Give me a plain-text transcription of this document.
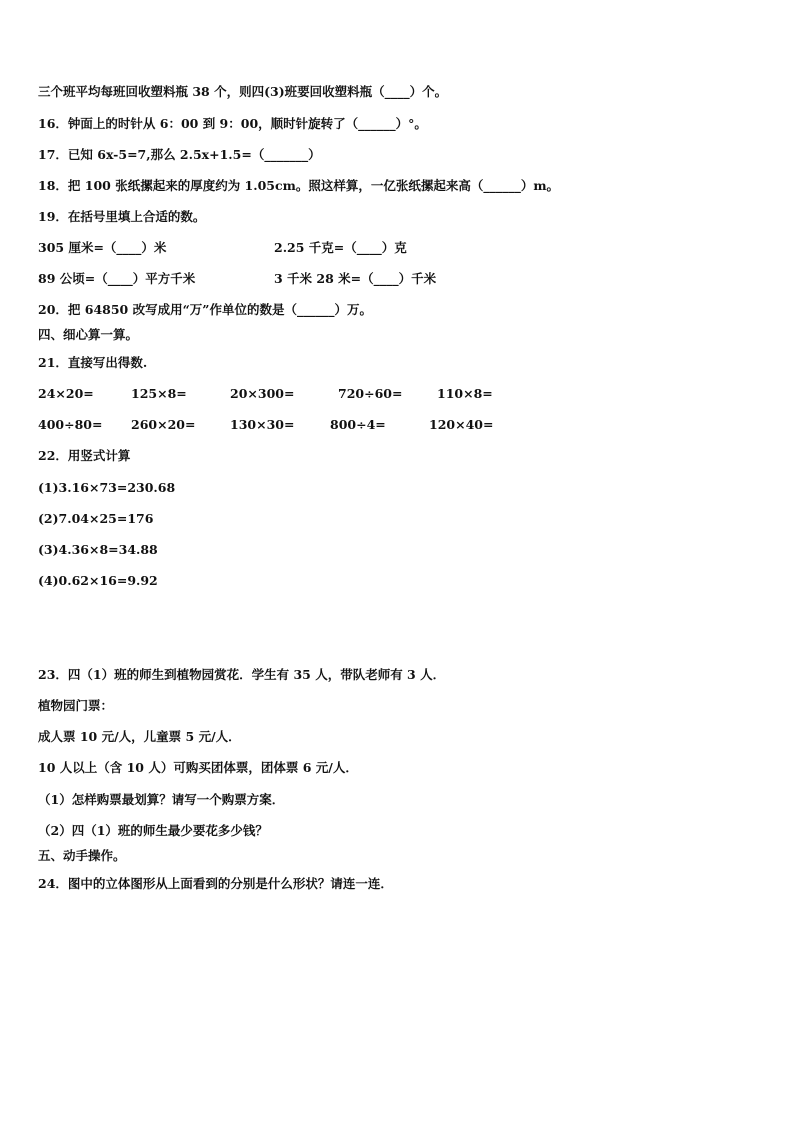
三个班平均每班回收塑料瓶 38 个，则四(3)班要回收塑料瓶（____）个。
16．钟面上的时针从 6：00 到 9：00，顺时针旋转了（______）°。
17．已知 6x-5=7,那么 2.5x+1.5=（_______）
18．把 100 张纸摞起来的厚度约为 1.05cm。照这样算，一亿张纸摞起来高（______）m。
19．在括号里填上合适的数。
305 厘米=（____）米	2.25 千克=（____）克
89 公顷=（____）平方千米	3 千米 28 米=（____）千米
20．把 64850 改写成用“万”作单位的数是（______）万。
四、细心算一算。
21．直接写出得数.
24×20=	125×8=	20×300=	720÷60=	110×8=
400÷80= 260×20=	130×30=	800÷4=	120×40=
22．用竖式计算
(1)3.16×73=230.68
(2)7.04×25=176
(3)4.36×8=34.88
(4)0.62×16=9.92
23．四（1）班的师生到植物园赏花．学生有 35 人，带队老师有 3 人．
植物园门票：
成人票 10 元/人，儿童票 5 元/人．
10 人以上（含 10 人）可购买团体票，团体票 6 元/人．
（1）怎样购票最划算？请写一个购票方案．
（2）四（1）班的师生最少要花多少钱？
五、动手操作。
24．图中的立体图形从上面看到的分别是什么形状？请连一连．
